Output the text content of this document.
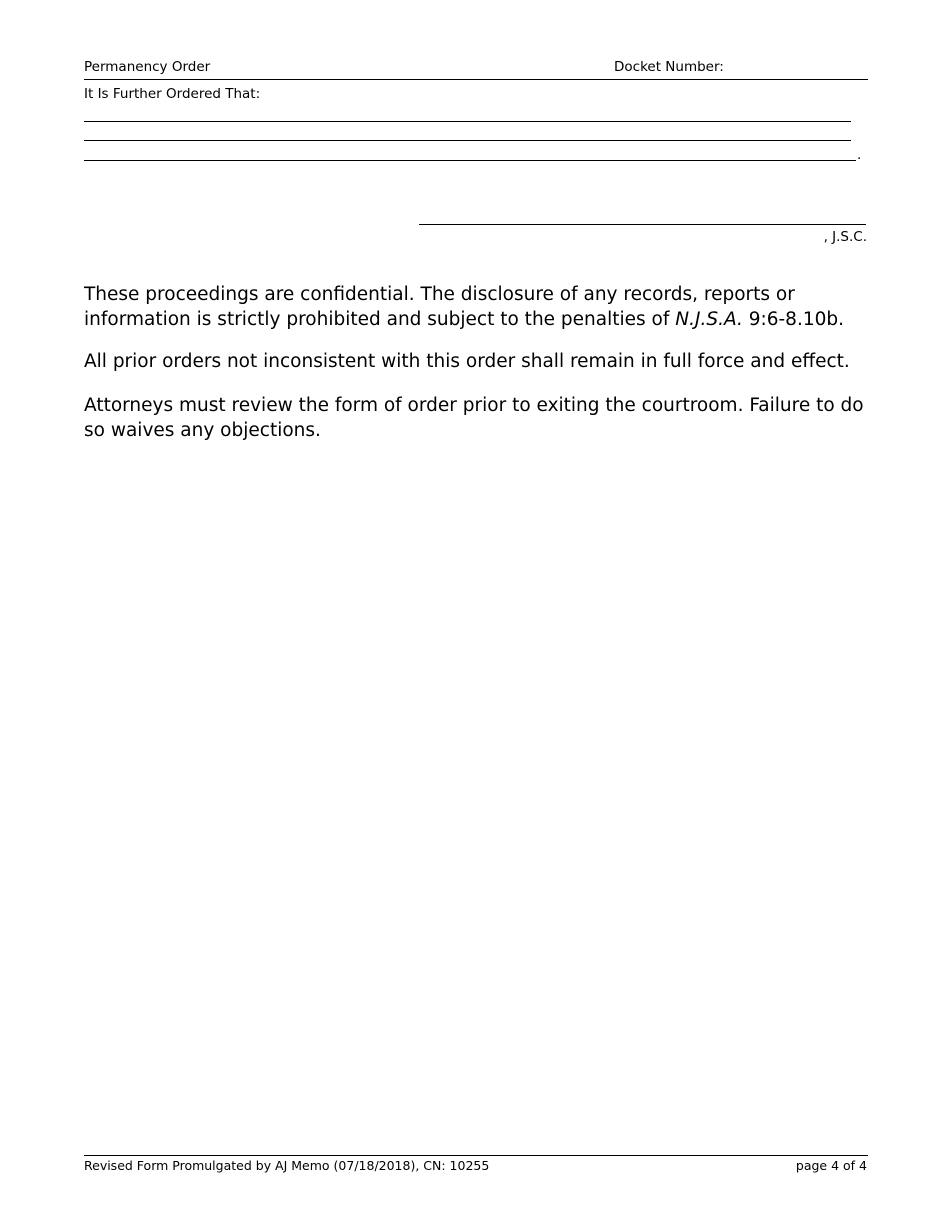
Permanency Order	Docket Number:
It Is Further Ordered That:
.
, J.S.C.

These proceedings are confidential. The disclosure of any records, reports or information is strictly prohibited and subject to the penalties of N.J.S.A. 9:6-8.10b.

All prior orders not inconsistent with this order shall remain in full force and effect.
Attorneys must review the form of order prior to exiting the courtroom. Failure to do so waives any objections.
Revised Form Promulgated by AJ Memo (07/18/2018), CN: 10255	page 4 of 4
